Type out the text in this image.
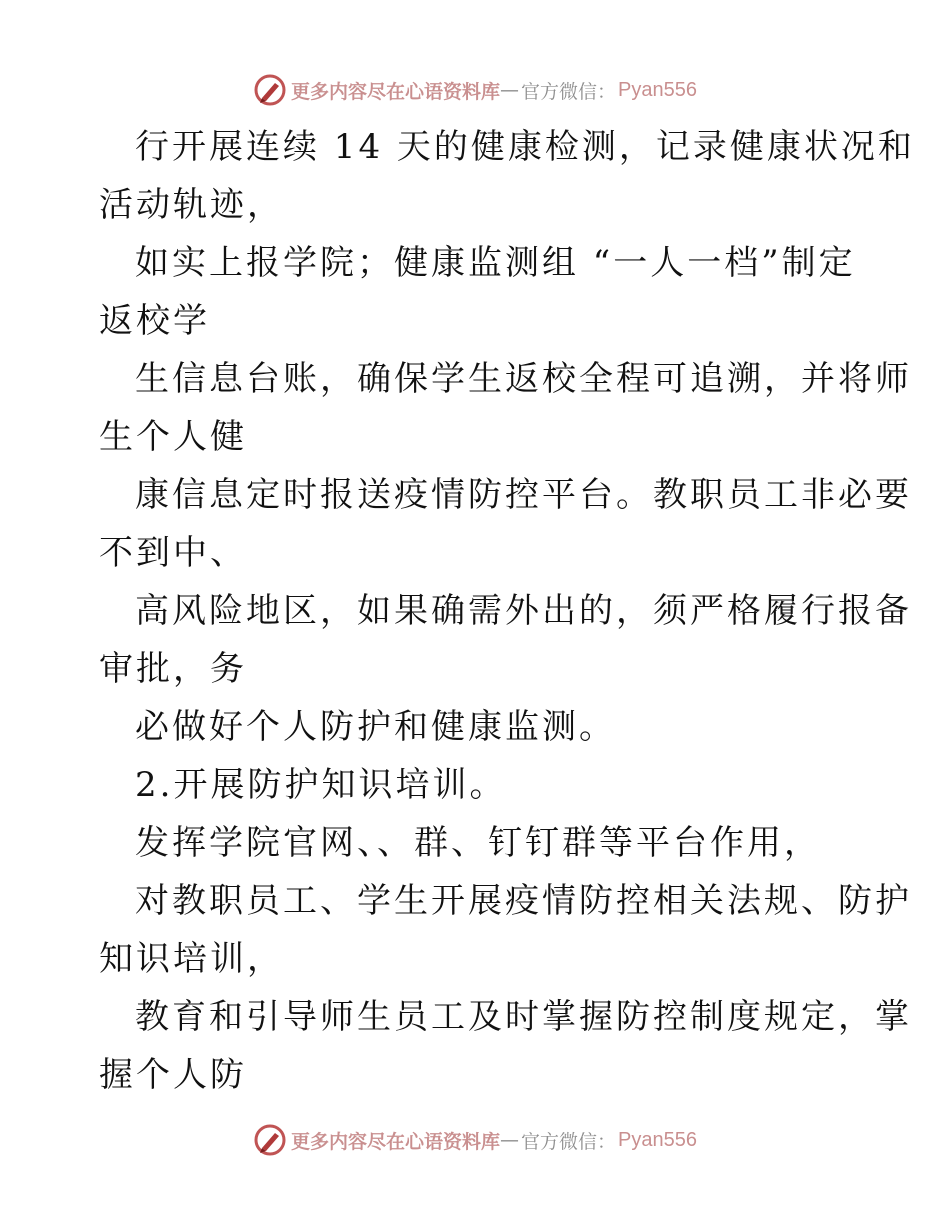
更多内容尽在心语资料库 — 官方微信： Pyan556
行开展连续 14 天的健康检测，记录健康状况和
活动轨迹，
如实上报学院；健康监测组 “一人一档”制定
返校学
生信息台账，确保学生返校全程可追溯，并将师
生个人健
康信息定时报送疫情防控平台。教职员工非必要
不到中、
高风险地区，如果确需外出的，须严格履行报备
审批，务
必做好个人防护和健康监测。
2.开展防护知识培训。
发挥学院官网、、群、钉钉群等平台作用，
对教职员工、学生开展疫情防控相关法规、防护
知识培训，
教育和引导师生员工及时掌握防控制度规定，掌
握个人防
更多内容尽在心语资料库 — 官方微信： Pyan556
